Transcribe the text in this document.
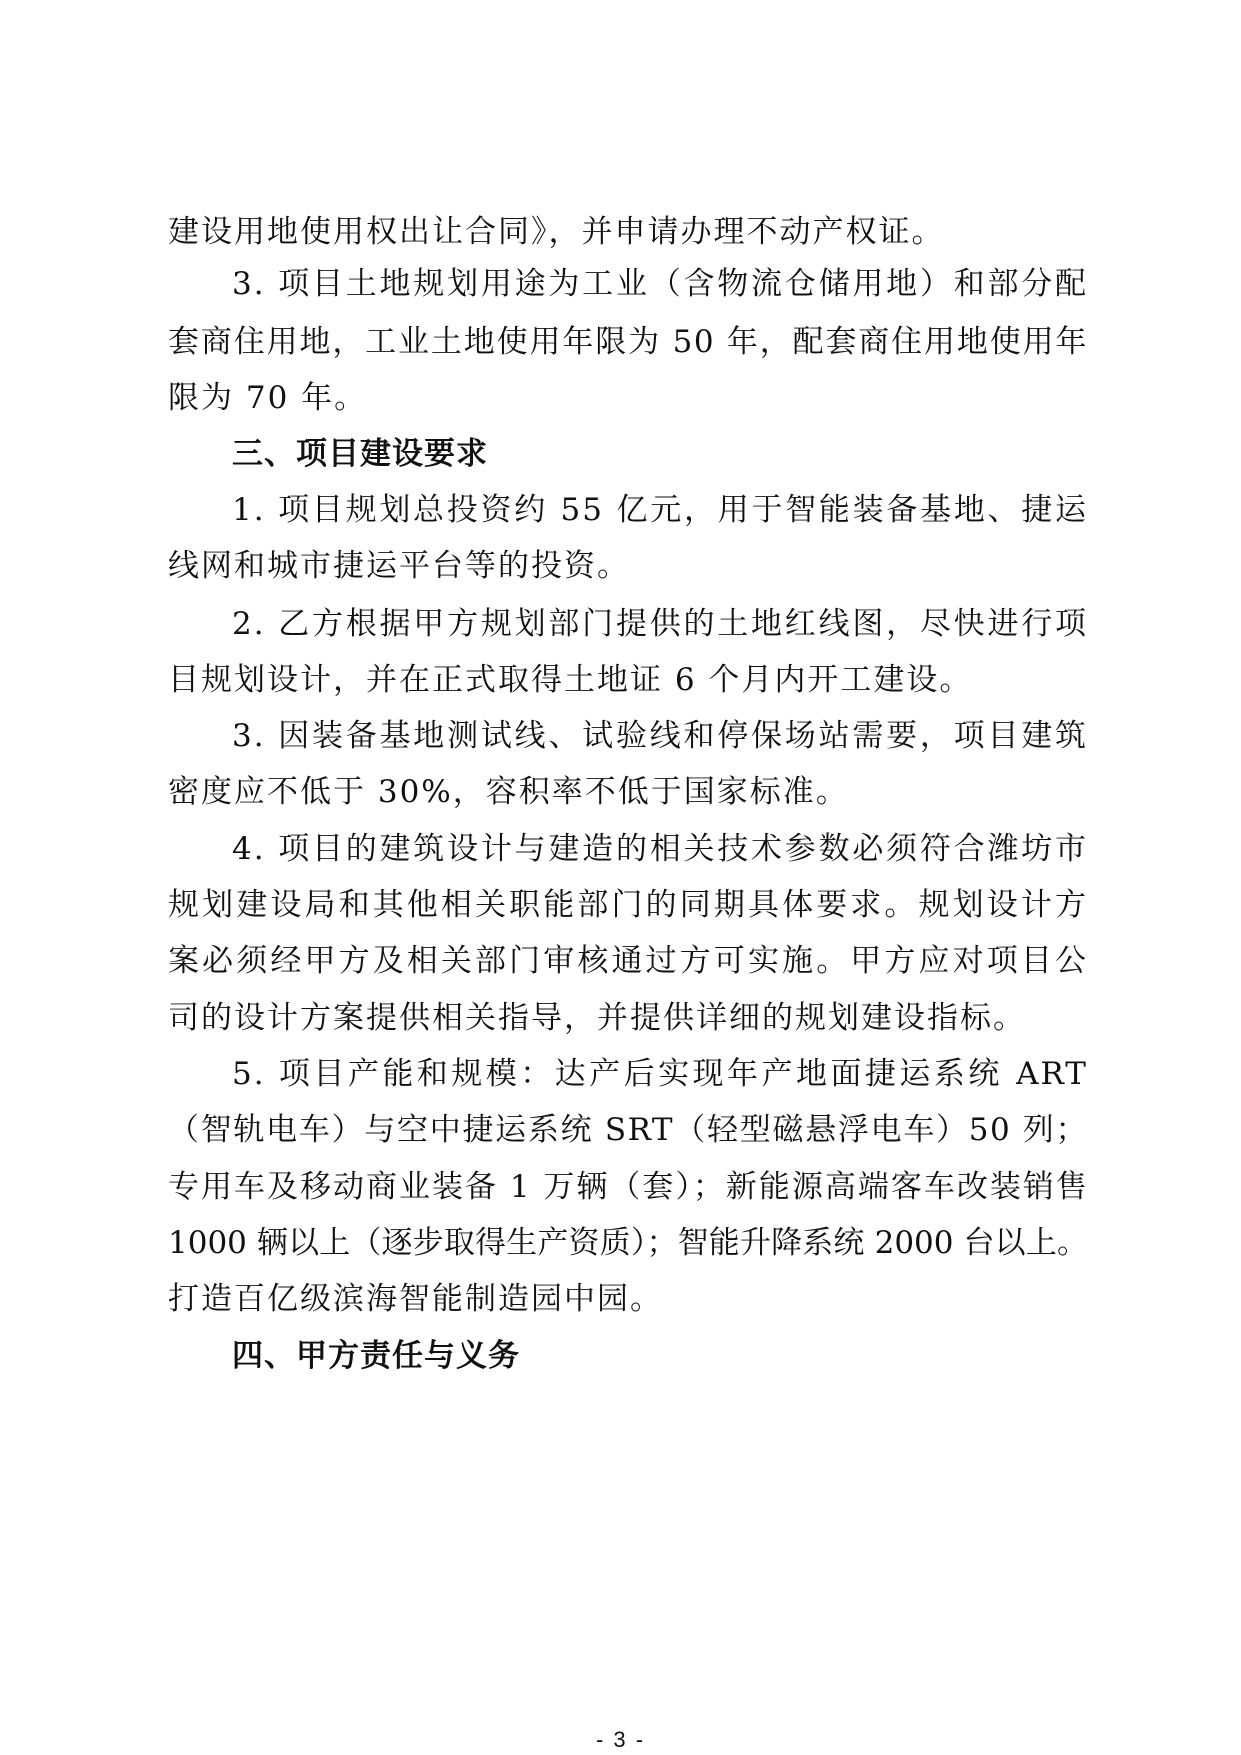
建设用地使用权出让合同》，并申请办理不动产权证。
3. 项目土地规划用途为工业（含物流仓储用地）和部分配
套商住用地，工业土地使用年限为 50 年，配套商住用地使用年
限为 70 年。
三、项目建设要求
1. 项目规划总投资约 55 亿元，用于智能装备基地、捷运
线网和城市捷运平台等的投资。
2. 乙方根据甲方规划部门提供的土地红线图，尽快进行项
目规划设计，并在正式取得土地证 6 个月内开工建设。
3. 因装备基地测试线、试验线和停保场站需要，项目建筑
密度应不低于 30%，容积率不低于国家标准。
4. 项目的建筑设计与建造的相关技术参数必须符合潍坊市
规划建设局和其他相关职能部门的同期具体要求。规划设计方
案必须经甲方及相关部门审核通过方可实施。甲方应对项目公
司的设计方案提供相关指导，并提供详细的规划建设指标。
5. 项目产能和规模：达产后实现年产地面捷运系统 ART
（智轨电车）与空中捷运系统 SRT（轻型磁悬浮电车）50 列；
专用车及移动商业装备 1 万辆（套）；新能源高端客车改装销售
1000 辆以上（逐步取得生产资质）；智能升降系统 2000 台以上。
打造百亿级滨海智能制造园中园。
四、甲方责任与义务
- 3 -
